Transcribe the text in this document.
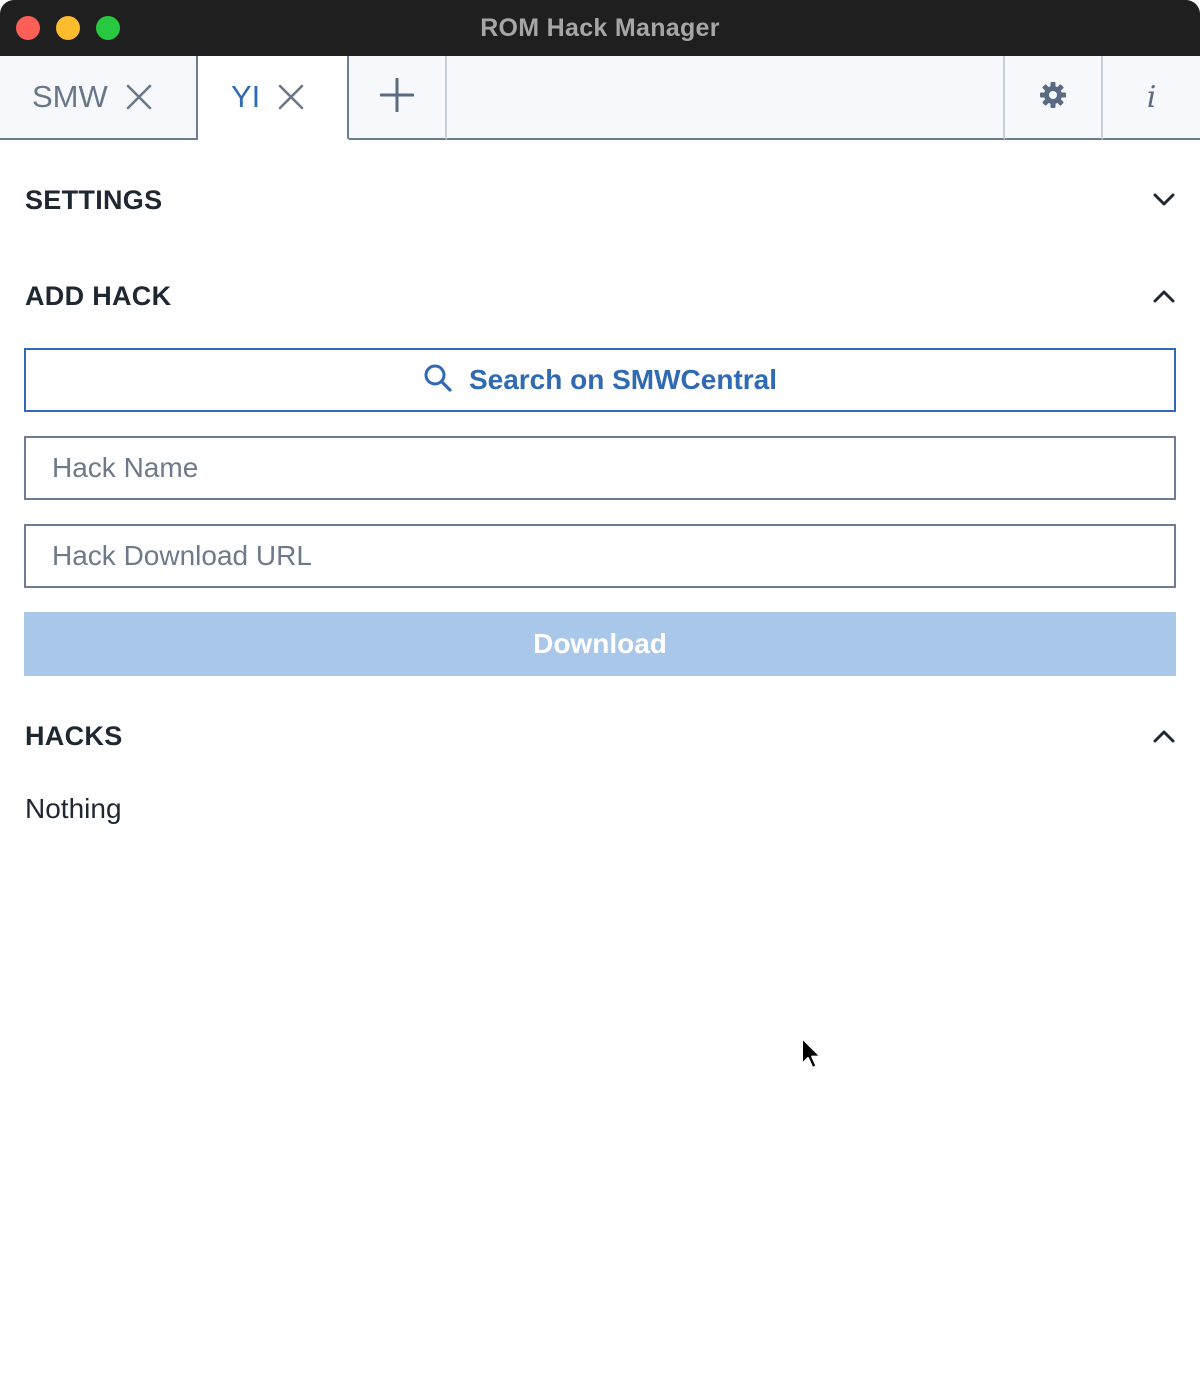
ROM Hack Manager
SMW	YI	i
SETTINGS
ADD HACK
Search on SMWCentral
Hack Name
Hack Download URL
Download
HACKS
Nothing
